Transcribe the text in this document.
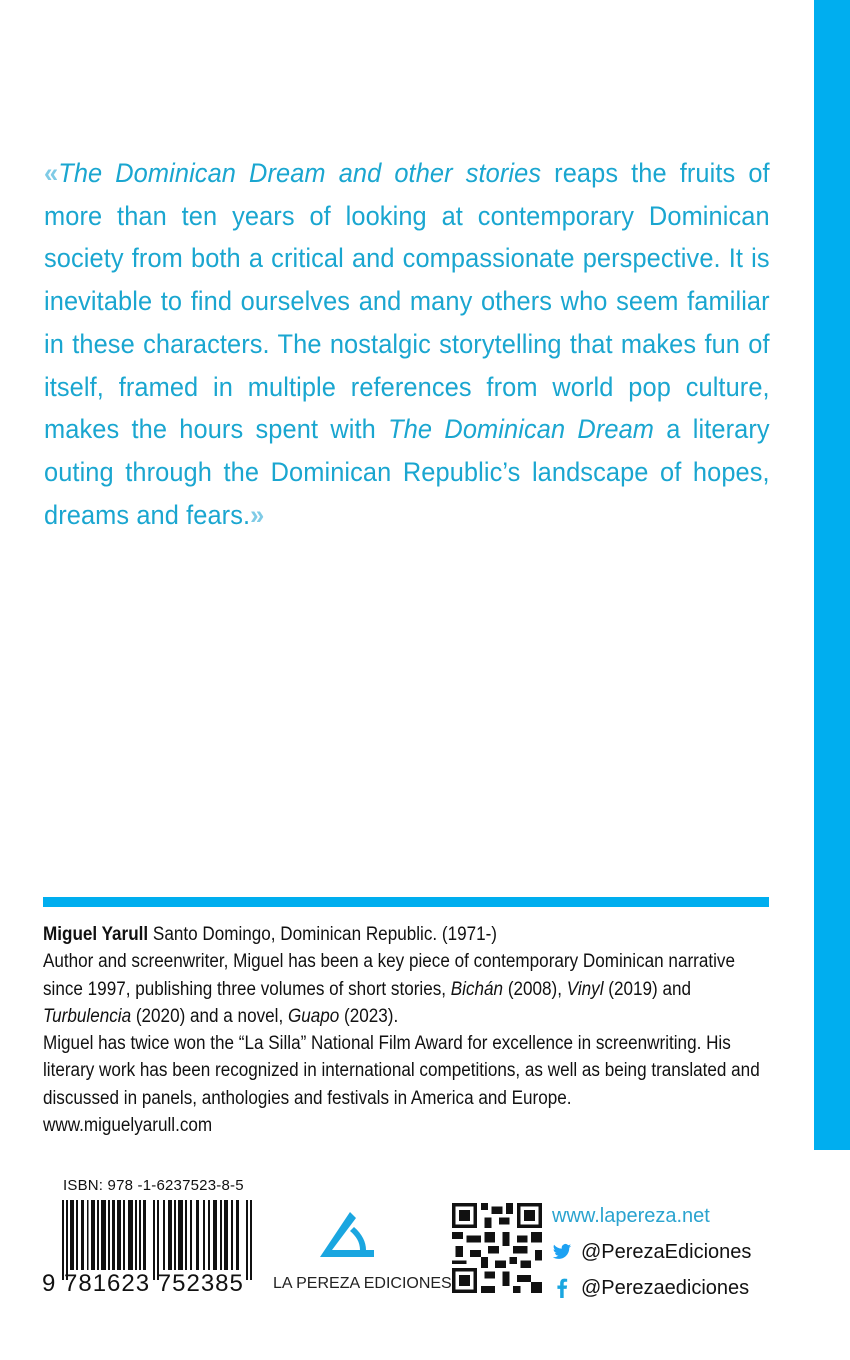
«The Dominican Dream and other stories reaps the fruits of more than ten years of looking at contemporary Dominican society from both a critical and compassionate perspective. It is inevitable to find ourselves and many others who seem familiar in these characters. The nostalgic storytelling that makes fun of itself, framed in multiple references from world pop culture, makes the hours spent with The Dominican Dream a literary outing through the Dominican Republic’s landscape of hopes, dreams and fears.»

Miguel Yarull Santo Domingo, Dominican Republic. (1971-)

Author and screenwriter, Miguel has been a key piece of contemporary Dominican narrative since 1997, publishing three volumes of short stories, Bichán (2008), Vinyl (2019) and Turbulencia (2020) and a novel, Guapo (2023).

Miguel has twice won the “La Silla” National Film Award for excellence in screenwriting. His literary work has been recognized in international competitions, as well as being translated and discussed in panels, anthologies and festivals in America and Europe.

www.miguelyarull.com

ISBN: 978 -1-6237523-8-5
9 781623 752385 LA PEREZA EDICIONES
www.lapereza.net
@PerezaEdiciones
@Perezaediciones
